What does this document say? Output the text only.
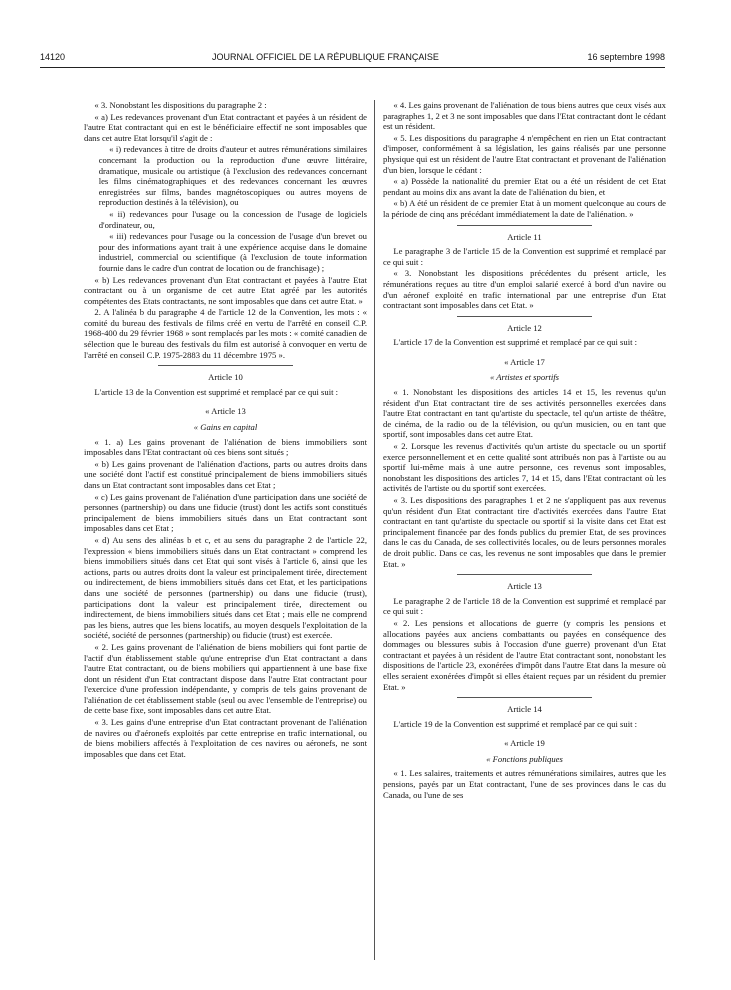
14120	JOURNAL OFFICIEL DE LA RÉPUBLIQUE FRANÇAISE	16 septembre 1998

« 3. Nonobstant les dispositions du paragraphe 2 :

« a) Les redevances provenant d'un Etat contractant et payées à un résident de l'autre Etat contractant qui en est le bénéficiaire effectif ne sont imposables que dans cet autre Etat lorsqu'il s'agit de :

« i) redevances à titre de droits d'auteur et autres rémunérations similaires concernant la production ou la reproduction d'une œuvre littéraire, dramatique, musicale ou artistique (à l'exclusion des redevances concernant les films cinématographiques et des redevances concernant les œuvres enregistrées sur films, bandes magnétoscopiques ou autres moyens de reproduction destinés à la télévision), ou

« ii) redevances pour l'usage ou la concession de l'usage de logiciels d'ordinateur, ou,

« iii) redevances pour l'usage ou la concession de l'usage d'un brevet ou pour des informations ayant trait à une expérience acquise dans le domaine industriel, commercial ou scientifique (à l'exclusion de toute information fournie dans le cadre d'un contrat de location ou de franchisage) ;

« b) Les redevances provenant d'un Etat contractant et payées à l'autre Etat contractant ou à un organisme de cet autre Etat agréé par les autorités compétentes des Etats contractants, ne sont imposables que dans cet autre Etat. »

2. A l'alinéa b du paragraphe 4 de l'article 12 de la Convention, les mots : « comité du bureau des festivals de films créé en vertu de l'arrêté en conseil C.P. 1968-400 du 29 février 1968 » sont remplacés par les mots : « comité canadien de sélection que le bureau des festivals du film est autorisé à convoquer en vertu de l'arrêté en conseil C.P. 1975-2883 du 11 décembre 1975 ».

Article 10

L'article 13 de la Convention est supprimé et remplacé par ce qui suit :

« Article 13

« Gains en capital

« 1. a) Les gains provenant de l'aliénation de biens immobiliers sont imposables dans l'Etat contractant où ces biens sont situés ;

« b) Les gains provenant de l'aliénation d'actions, parts ou autres droits dans une société dont l'actif est constitué principalement de biens immobiliers situés dans un Etat contractant sont imposables dans cet Etat ;

« c) Les gains provenant de l'aliénation d'une participation dans une société de personnes (partnership) ou dans une fiducie (trust) dont les actifs sont constitués principalement de biens immobiliers situés dans un Etat contractant sont imposables dans cet Etat ;

« d) Au sens des alinéas b et c, et au sens du paragraphe 2 de l'article 22, l'expression « biens immobiliers situés dans un Etat contractant » comprend les biens immobiliers situés dans cet Etat qui sont visés à l'article 6, ainsi que les actions, parts ou autres droits dont la valeur est principalement tirée, directement ou indirectement, de biens immobiliers situés dans cet Etat, et les participations dans une société de personnes (partnership) ou dans une fiducie (trust), participations dont la valeur est principalement tirée, directement ou indirectement, de biens immobiliers situés dans cet Etat ; mais elle ne comprend pas les biens, autres que les biens locatifs, au moyen desquels l'exploitation de la société, société de personnes (partnership) ou fiducie (trust) est exercée.

« 2. Les gains provenant de l'aliénation de biens mobiliers qui font partie de l'actif d'un établissement stable qu'une entreprise d'un Etat contractant a dans l'autre Etat contractant, ou de biens mobiliers qui appartiennent à une base fixe dont un résident d'un Etat contractant dispose dans l'autre Etat contractant pour l'exercice d'une profession indépendante, y compris de tels gains provenant de l'aliénation de cet établissement stable (seul ou avec l'ensemble de l'entreprise) ou de cette base fixe, sont imposables dans cet autre Etat.

« 3. Les gains d'une entreprise d'un Etat contractant provenant de l'aliénation de navires ou d'aéronefs exploités par cette entreprise en trafic international, ou de biens mobiliers affectés à l'exploitation de ces navires ou aéronefs, ne sont imposables que dans cet Etat.

« 4. Les gains provenant de l'aliénation de tous biens autres que ceux visés aux paragraphes 1, 2 et 3 ne sont imposables que dans l'Etat contractant dont le cédant est un résident.

« 5. Les dispositions du paragraphe 4 n'empêchent en rien un Etat contractant d'imposer, conformément à sa législation, les gains réalisés par une personne physique qui est un résident de l'autre Etat contractant et provenant de l'aliénation d'un bien, lorsque le cédant :

« a) Possède la nationalité du premier Etat ou a été un résident de cet Etat pendant au moins dix ans avant la date de l'aliénation du bien, et

« b) A été un résident de ce premier Etat à un moment quelconque au cours de la période de cinq ans précédant immédiatement la date de l'aliénation. »

Article 11

Le paragraphe 3 de l'article 15 de la Convention est supprimé et remplacé par ce qui suit :

« 3. Nonobstant les dispositions précédentes du présent article, les rémunérations reçues au titre d'un emploi salarié exercé à bord d'un navire ou d'un aéronef exploité en trafic international par une entreprise d'un Etat contractant sont imposables dans cet Etat. »

Article 12

L'article 17 de la Convention est supprimé et remplacé par ce qui suit :

« Article 17

« Artistes et sportifs

« 1. Nonobstant les dispositions des articles 14 et 15, les revenus qu'un résident d'un Etat contractant tire de ses activités personnelles exercées dans l'autre Etat contractant en tant qu'artiste du spectacle, tel qu'un artiste de théâtre, de cinéma, de la radio ou de la télévision, ou qu'un musicien, ou en tant que sportif, sont imposables dans cet autre Etat.

« 2. Lorsque les revenus d'activités qu'un artiste du spectacle ou un sportif exerce personnellement et en cette qualité sont attribués non pas à l'artiste ou au sportif lui-même mais à une autre personne, ces revenus sont imposables, nonobstant les dispositions des articles 7, 14 et 15, dans l'Etat contractant où les activités de l'artiste ou du sportif sont exercées.

« 3. Les dispositions des paragraphes 1 et 2 ne s'appliquent pas aux revenus qu'un résident d'un Etat contractant tire d'activités exercées dans l'autre Etat contractant en tant qu'artiste du spectacle ou sportif si la visite dans cet Etat est principalement financée par des fonds publics du premier Etat, de ses provinces dans le cas du Canada, de ses collectivités locales, ou de leurs personnes morales de droit public. Dans ce cas, les revenus ne sont imposables que dans le premier Etat. »

Article 13

Le paragraphe 2 de l'article 18 de la Convention est supprimé et remplacé par ce qui suit :

« 2. Les pensions et allocations de guerre (y compris les pensions et allocations payées aux anciens combattants ou payées en conséquence des dommages ou blessures subis à l'occasion d'une guerre) provenant d'un Etat contractant et payées à un résident de l'autre Etat contractant sont, nonobstant les dispositions de l'article 23, exonérées d'impôt dans l'autre Etat dans la mesure où elles seraient exonérées d'impôt si elles étaient reçues par un résident du premier Etat. »

Article 14

L'article 19 de la Convention est supprimé et remplacé par ce qui suit :

« Article 19

« Fonctions publiques

« 1. Les salaires, traitements et autres rémunérations similaires, autres que les pensions, payés par un Etat contractant, l'une de ses provinces dans le cas du Canada, ou l'une de ses
